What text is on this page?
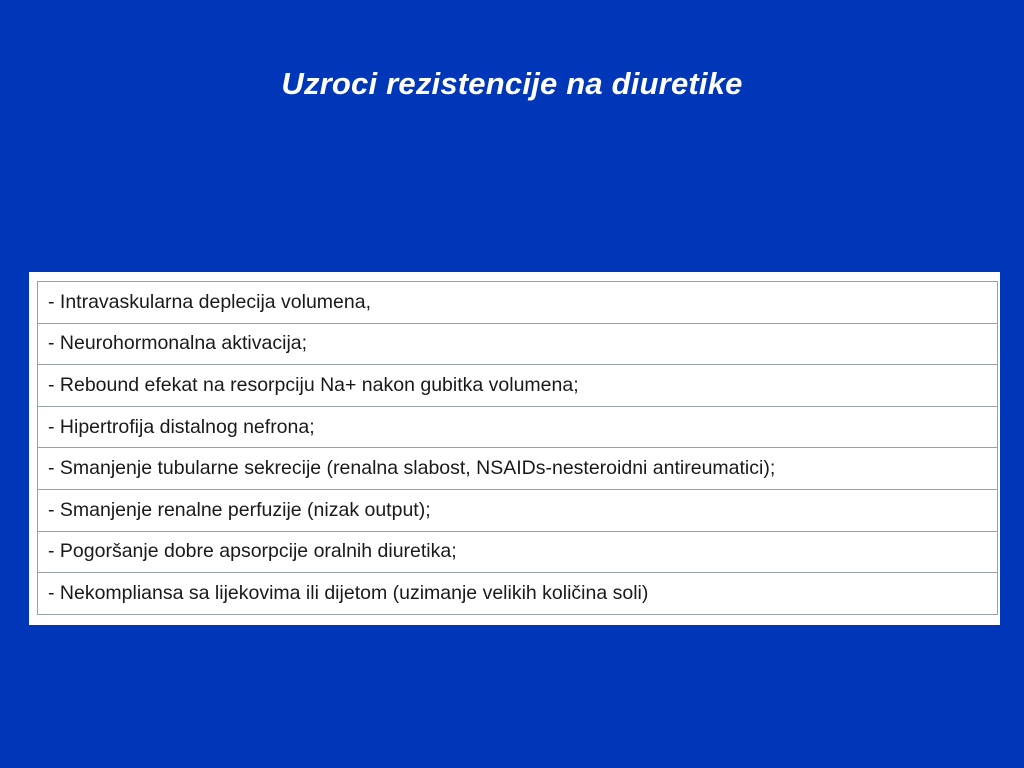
Uzroci rezistencije na diuretike
- Intravaskularna deplecija volumena,
- Neurohormonalna aktivacija;
- Rebound efekat na resorpciju Na+ nakon gubitka volumena;
- Hipertrofija distalnog nefrona;
- Smanjenje tubularne sekrecije (renalna slabost, NSAIDs-nesteroidni antireumatici);
- Smanjenje renalne perfuzije (nizak output);
- Pogoršanje dobre apsorpcije oralnih diuretika;
- Nekompliansa sa lijekovima ili dijetom (uzimanje velikih količina soli)
